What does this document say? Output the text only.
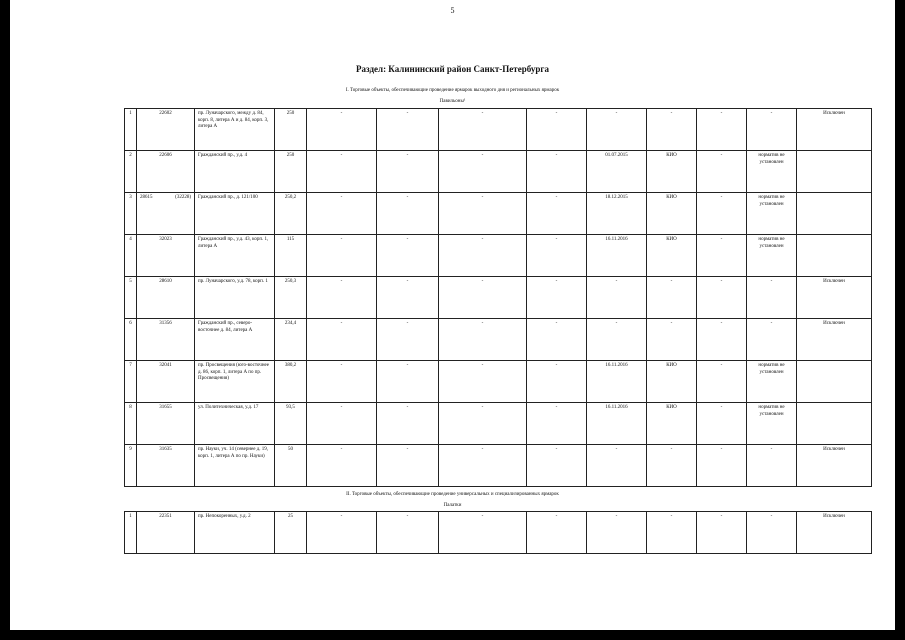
5
Раздел: Калининский район Санкт-Петербурга
I. Торговые объекты, обеспечивающие проведение ярмарок выходного дня и региональных ярмарок
Павильоны¹
1	22602	пр. Луначарского, между д. 84, корп. 8, литера А и д. 84, корп. 3, литера А	250	-	-	-	-	-	-	-	-	Исключен
2	22606	Гражданский пр., у.д. 4	250	-	-	-	-	01.07.2015	КИО	-	норматив не установлен	
3	28615 (32228)	Гражданский пр., д. 121/100	250,2	-	-	-	-	18.12.2015	КИО	-	норматив не установлен	
4	32023	Гражданский пр., у.д. 43, корп. 1, литера А	115	-	-	-	-	16.11.2016	КИО	-	норматив не установлен	
5	28610	пр. Луначарского, у.д. 78, корп. 1	250,3	-	-	-	-	-	-	-	-	Исключен
6	31356	Гражданский пр., северо-восточнее д. 84, литера А	234,4	-	-	-	-	-	-	-	-	Исключен
7	32041	пр. Просвещения (юго-восточнее д. 86, корп. 1, литера А по пр. Просвещения)	380,2	-	-	-	-	16.11.2016	КИО	-	норматив не установлен	
8	31655	ул. Политехническая, у.д. 17	93,5	-	-	-	-	16.11.2016	КИО	-	норматив не установлен	
9	31635	пр. Науки, уч. 14 (севернее д. 19, корп. 1, литера А по пр. Науки)	50	-	-	-	-	-	-	-	-	Исключен
II. Торговые объекты, обеспечивающие проведение универсальных и специализированных ярмарок
Палатки
1	22351	пр. Непокоренных, у.д. 2	25	-	-	-	-	-	-	-	-	Исключен
